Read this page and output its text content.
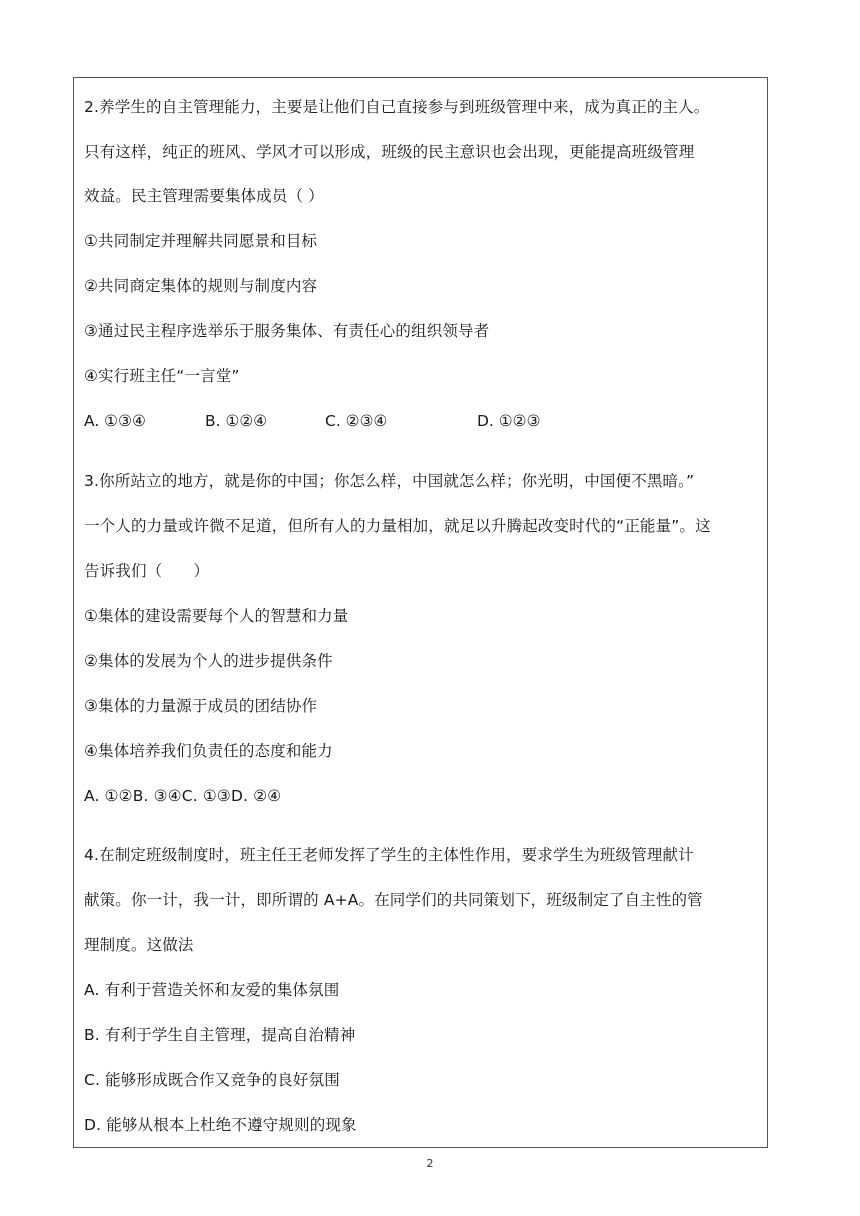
2.养学生的自主管理能力，主要是让他们自己直接参与到班级管理中来，成为真正的主人。
只有这样，纯正的班风、学风才可以形成，班级的民主意识也会出现，更能提高班级管理
效益。民主管理需要集体成员（ ）
①共同制定并理解共同愿景和目标
②共同商定集体的规则与制度内容
③通过民主程序选举乐于服务集体、有责任心的组织领导者
④实行班主任“一言堂”
A. ①③④	B. ①②④	C. ②③④	D. ①②③
3.你所站立的地方，就是你的中国；你怎么样，中国就怎么样；你光明，中国便不黑暗。”
一个人的力量或许微不足道，但所有人的力量相加，就足以升腾起改变时代的“正能量”。这
告诉我们（　　）
①集体的建设需要每个人的智慧和力量
②集体的发展为个人的进步提供条件
③集体的力量源于成员的团结协作
④集体培养我们负责任的态度和能力
A. ①②B. ③④C. ①③D. ②④
4.在制定班级制度时，班主任王老师发挥了学生的主体性作用，要求学生为班级管理献计
献策。你一计，我一计，即所谓的 A+A。在同学们的共同策划下，班级制定了自主性的管
理制度。这做法
A. 有利于营造关怀和友爱的集体氛围
B. 有利于学生自主管理，提高自治精神
C. 能够形成既合作又竞争的良好氛围
D. 能够从根本上杜绝不遵守规则的现象
2
